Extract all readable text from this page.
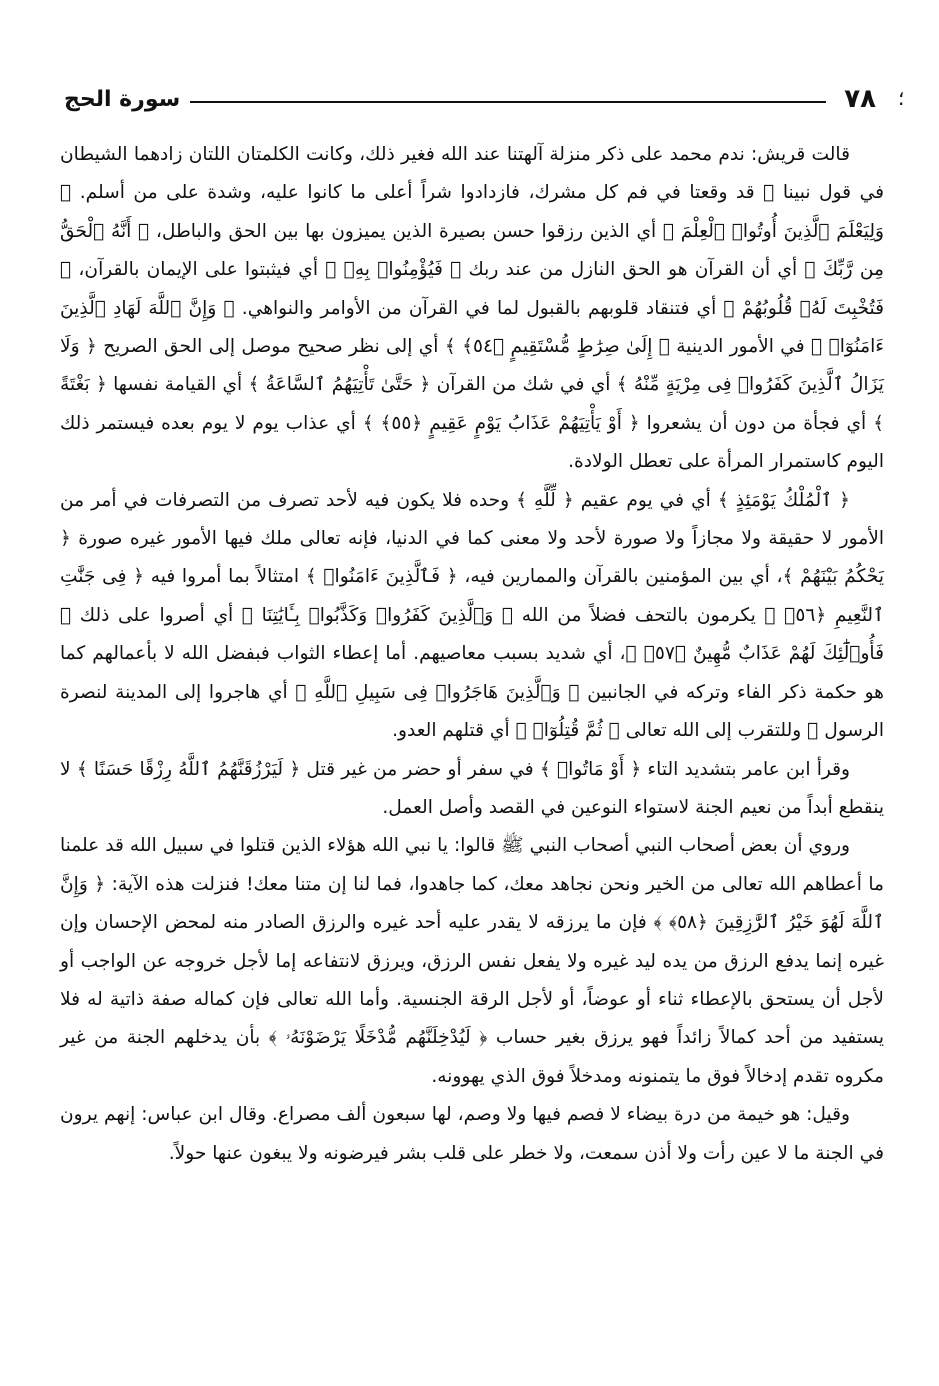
؛
٧٨
سورة الحج

قالت قريش: ندم محمد على ذكر منزلة آلهتنا عند الله فغير ذلك، وكانت الكلمتان اللتان زادهما الشيطان في قول نبينا ﷺ قد وقعتا في فم كل مشرك، فازدادوا شراً أعلى ما كانوا عليه، وشدة على من أسلم. ﴿ وَلِيَعْلَمَ ٱلَّذِينَ أُوتُوا۟ ٱلْعِلْمَ ﴾ أي الذين رزقوا حسن بصيرة الذين يميزون بها بين الحق والباطل، ﴿ أَنَّهُ ٱلْحَقُّ مِن رَّبِّكَ ﴾ أي أن القرآن هو الحق النازل من عند ربك ﴿ فَيُؤْمِنُوا۟ بِهِۦ ﴾ أي فيثبتوا على الإيمان بالقرآن، ﴿ فَتُخْبِتَ لَهُۥ قُلُوبُهُمْ ﴾ أي فتنقاد قلوبهم بالقبول لما في القرآن من الأوامر والنواهي. ﴿ وَإِنَّ ٱللَّهَ لَهَادِ ٱلَّذِينَ ءَامَنُوٓا۟ ﴾ في الأمور الدينية ﴿ إِلَىٰ صِرَٰطٍ مُّسْتَقِيمٍ ﴿٥٤﴾ ﴾ أي إلى نظر صحيح موصل إلى الحق الصريح ﴿ وَلَا يَزَالُ ٱلَّذِينَ كَفَرُوا۟ فِى مِرْيَةٍ مِّنْهُ ﴾ أي في شك من القرآن ﴿ حَتَّىٰ تَأْتِيَهُمُ ٱلسَّاعَةُ ﴾ أي القيامة نفسها ﴿ بَغْتَةً ﴾ أي فجأة من دون أن يشعروا ﴿ أَوْ يَأْتِيَهُمْ عَذَابُ يَوْمٍ عَقِيمٍ ﴿٥٥﴾ ﴾ أي عذاب يوم لا يوم بعده فيستمر ذلك اليوم كاستمرار المرأة على تعطل الولادة.

﴿ ٱلْمُلْكُ يَوْمَئِذٍ ﴾ أي في يوم عقيم ﴿ لِّلَّهِ ﴾ وحده فلا يكون فيه لأحد تصرف من التصرفات في أمر من الأمور لا حقيقة ولا مجازاً ولا صورة لأحد ولا معنى كما في الدنيا، فإنه تعالى ملك فيها الأمور غيره صورة ﴿ يَحْكُمُ بَيْنَهُمْ ﴾، أي بين المؤمنين بالقرآن والممارين فيه، ﴿ فَٱلَّذِينَ ءَامَنُوا۟ ﴾ امتثالاً بما أمروا فيه ﴿ فِى جَنَّٰتِ ٱلنَّعِيمِ ﴿٥٦﴾ ﴾ يكرمون بالتحف فضلاً من الله ﴿ وَٱلَّذِينَ كَفَرُوا۟ وَكَذَّبُوا۟ بِـَٔايَٰتِنَا ﴾ أي أصروا على ذلك ﴿ فَأُو۟لَٰٓئِكَ لَهُمْ عَذَابٌ مُّهِينٌ ﴿٥٧﴾ ﴾، أي شديد بسبب معاصيهم. أما إعطاء الثواب فبفضل الله لا بأعمالهم كما هو حكمة ذكر الفاء وتركه في الجانبين ﴿ وَٱلَّذِينَ هَاجَرُوا۟ فِى سَبِيلِ ٱللَّهِ ﴾ أي هاجروا إلى المدينة لنصرة الرسول ﷺ وللتقرب إلى الله تعالى ﴿ ثُمَّ قُتِلُوٓا۟ ﴾ أي قتلهم العدو.

وقرأ ابن عامر بتشديد التاء ﴿ أَوْ مَاتُوا۟ ﴾ في سفر أو حضر من غير قتل ﴿ لَيَرْزُقَنَّهُمُ ٱللَّهُ رِزْقًا حَسَنًا ﴾ لا ينقطع أبداً من نعيم الجنة لاستواء النوعين في القصد وأصل العمل.

وروي أن بعض أصحاب النبي أصحاب النبي ﷺ قالوا: يا نبي الله هؤلاء الذين قتلوا في سبيل الله قد علمنا ما أعطاهم الله تعالى من الخير ونحن نجاهد معك، كما جاهدوا، فما لنا إن متنا معك! فنزلت هذه الآية: ﴿ وَإِنَّ ٱللَّهَ لَهُوَ خَيْرُ ٱلرَّٰزِقِينَ ﴿٥٨﴾ ﴾ فإن ما يرزقه لا يقدر عليه أحد غيره والرزق الصادر منه لمحض الإحسان وإن غيره إنما يدفع الرزق من يده ليد غيره ولا يفعل نفس الرزق، ويرزق لانتفاعه إما لأجل خروجه عن الواجب أو لأجل أن يستحق بالإعطاء ثناء أو عوضاً، أو لأجل الرقة الجنسية. وأما الله تعالى فإن كماله صفة ذاتية له فلا يستفيد من أحد كمالاً زائداً فهو يرزق بغير حساب ﴿ لَيُدْخِلَنَّهُم مُّدْخَلًا يَرْضَوْنَهُۥ ﴾ بأن يدخلهم الجنة من غير مكروه تقدم إدخالاً فوق ما يتمنونه ومدخلاً فوق الذي يهوونه.

وقيل: هو خيمة من درة بيضاء لا فصم فيها ولا وصم، لها سبعون ألف مصراع. وقال ابن عباس: إنهم يرون في الجنة ما لا عين رأت ولا أذن سمعت، ولا خطر على قلب بشر فيرضونه ولا يبغون عنها حولاً.
